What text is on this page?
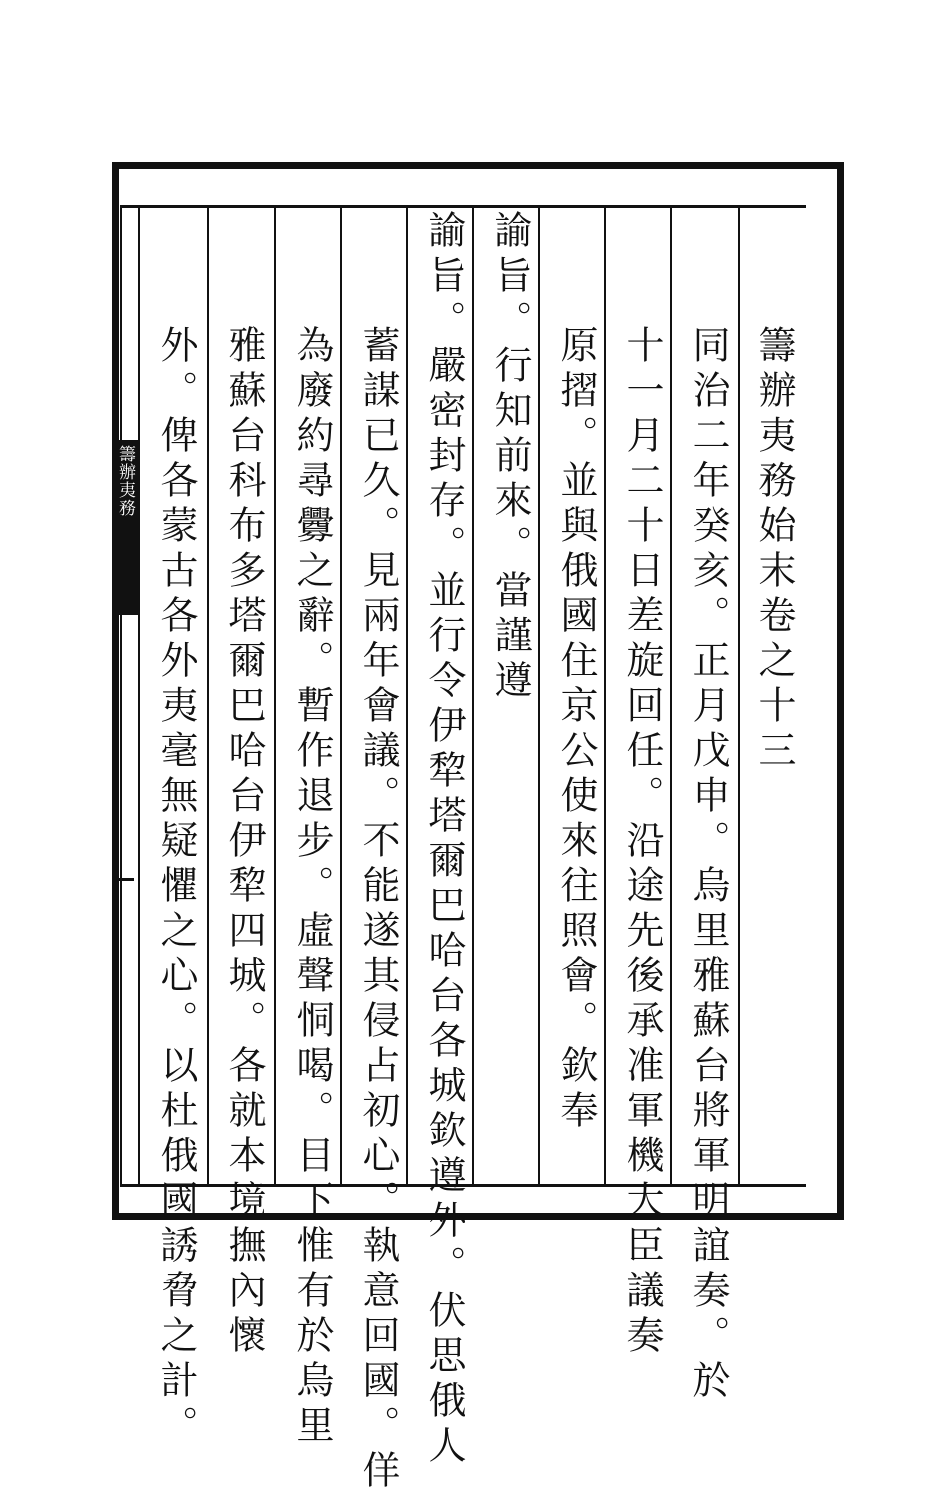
籌辦夷務	籌辦夷務始末卷之十三
同治二年癸亥。正月戊申。烏里雅蘇台將軍明誼奏。於
十一月二十日差旋回任。沿途先後承准軍機大臣議奏
原摺。並與俄國住京公使來往照會。欽奉
諭旨。行知前來。當謹遵
諭旨。嚴密封存。並行令伊犂塔爾巴哈台各城欽遵外。伏思俄人
蓄謀已久。見兩年會議。不能遂其侵占初心。執意回國。佯
為廢約尋釁之辭。暫作退步。虛聲恫喝。目下惟有於烏里
雅蘇台科布多塔爾巴哈台伊犂四城。各就本境撫內懷
外。俾各蒙古各外夷毫無疑懼之心。以杜俄國誘脅之計。
